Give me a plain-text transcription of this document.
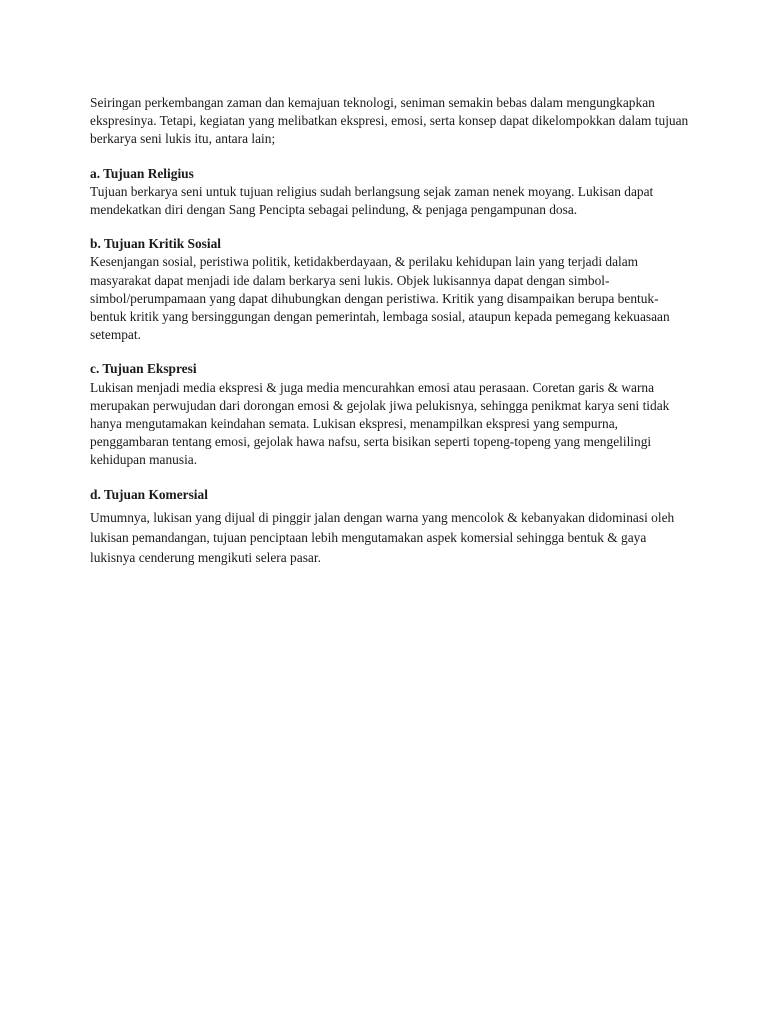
Seiringan perkembangan zaman dan kemajuan teknologi, seniman semakin bebas dalam mengungkapkan ekspresinya. Tetapi, kegiatan yang melibatkan ekspresi, emosi, serta konsep dapat dikelompokkan dalam tujuan berkarya seni lukis itu, antara lain;

a. Tujuan Religius

Tujuan berkarya seni untuk tujuan religius sudah berlangsung sejak zaman nenek moyang. Lukisan dapat mendekatkan diri dengan Sang Pencipta sebagai pelindung, & penjaga pengampunan dosa.

b. Tujuan Kritik Sosial

Kesenjangan sosial, peristiwa politik, ketidakberdayaan, & perilaku kehidupan lain yang terjadi dalam masyarakat dapat menjadi ide dalam berkarya seni lukis. Objek lukisannya dapat dengan simbol-simbol/perumpamaan yang dapat dihubungkan dengan peristiwa. Kritik yang disampaikan berupa bentuk-bentuk kritik yang bersinggungan dengan pemerintah, lembaga sosial, ataupun kepada pemegang kekuasaan setempat.

c. Tujuan Ekspresi

Lukisan menjadi media ekspresi & juga media mencurahkan emosi atau perasaan. Coretan garis & warna merupakan perwujudan dari dorongan emosi & gejolak jiwa pelukisnya, sehingga penikmat karya seni tidak hanya mengutamakan keindahan semata. Lukisan ekspresi, menampilkan ekspresi yang sempurna, penggambaran tentang emosi, gejolak hawa nafsu, serta bisikan seperti topeng-topeng yang mengelilingi kehidupan manusia.

d. Tujuan Komersial

Umumnya, lukisan yang dijual di pinggir jalan dengan warna yang mencolok & kebanyakan didominasi oleh lukisan pemandangan, tujuan penciptaan lebih mengutamakan aspek komersial sehingga bentuk & gaya lukisnya cenderung mengikuti selera pasar.
